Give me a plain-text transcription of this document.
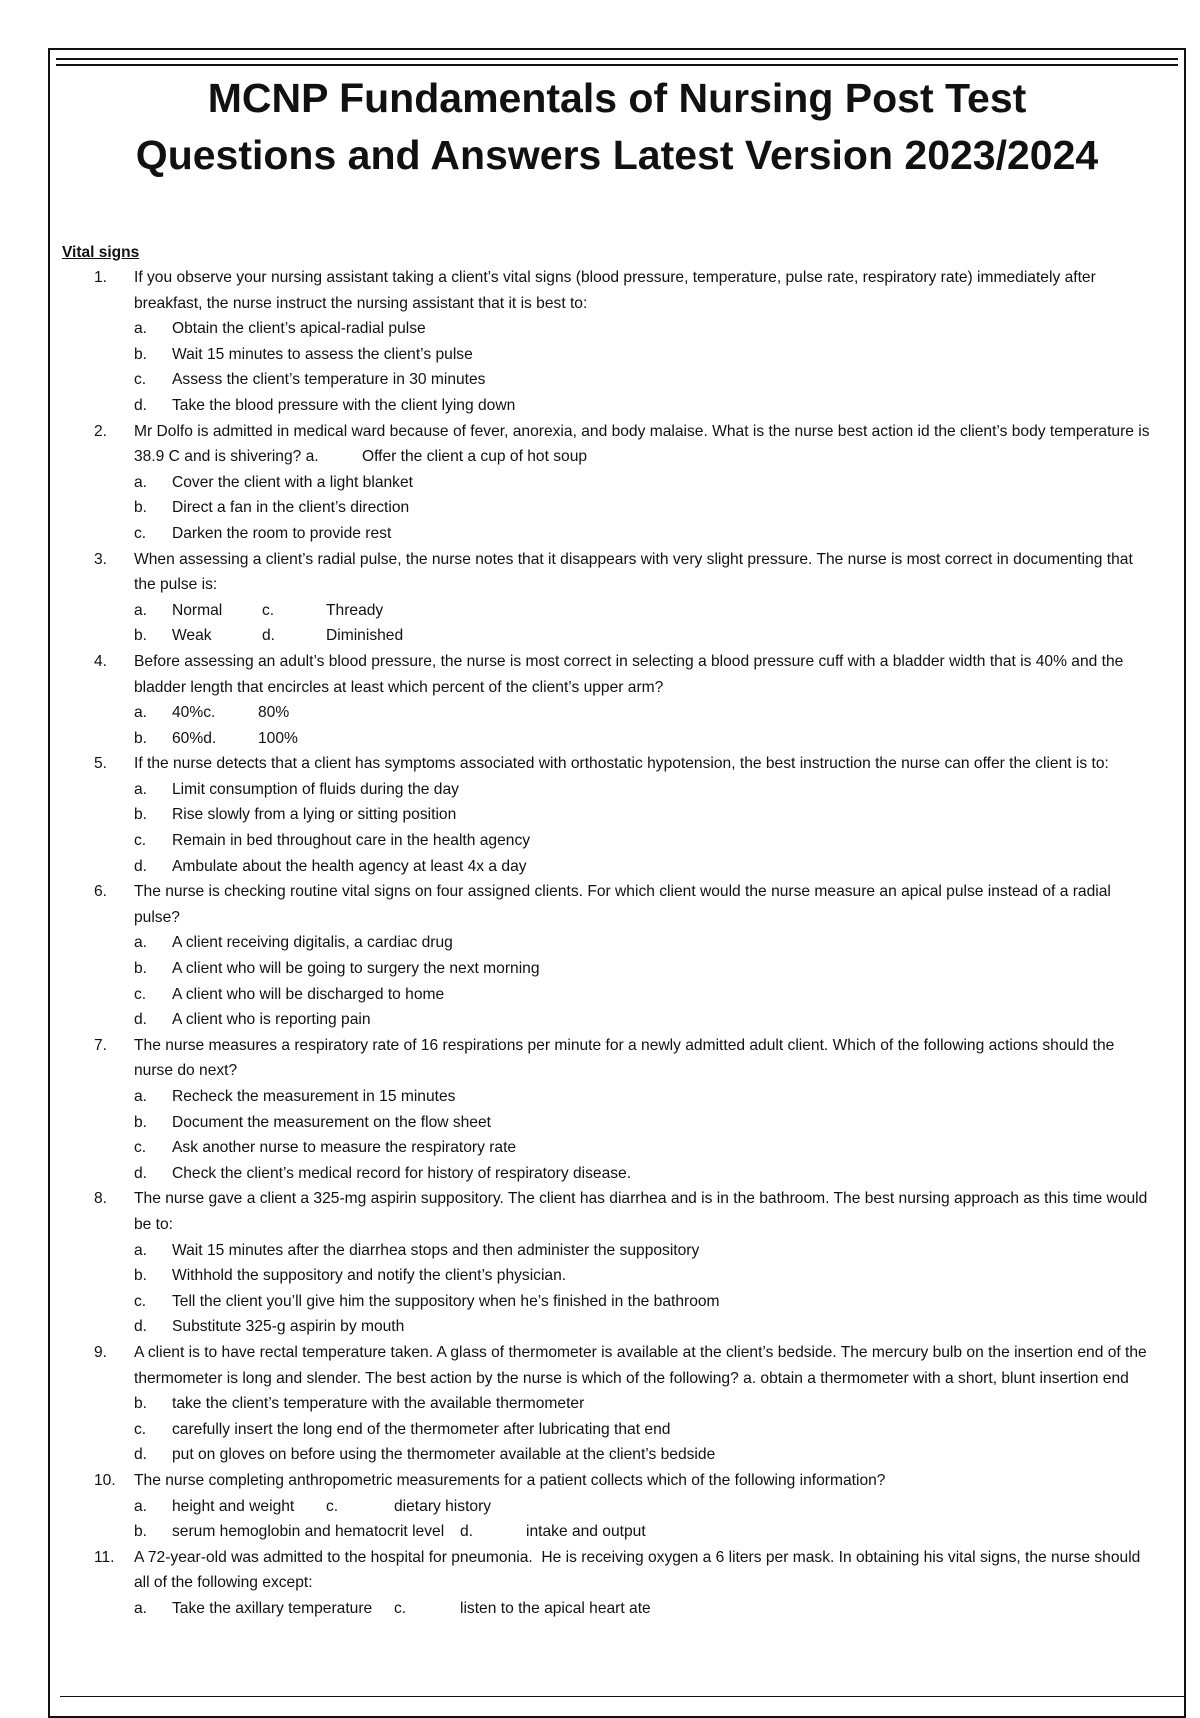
MCNP Fundamentals of Nursing Post Test
Questions and Answers Latest Version 2023/2024

Vital signs

1.	If you observe your nursing assistant taking a client’s vital signs (blood pressure, temperature, pulse rate, respiratory rate) immediately after breakfast, the nurse instruct the nursing assistant that it is best to:
a. Obtain the client’s apical-radial pulse
b. Wait 15 minutes to assess the client’s pulse
c. Assess the client’s temperature in 30 minutes
d. Take the blood pressure with the client lying down
2.	Mr Dolfo is admitted in medical ward because of fever, anorexia, and body malaise. What is the nurse best action id the client’s body temperature is 38.9 C and is shivering? a.          Offer the client a cup of hot soup
a. Cover the client with a light blanket
b. Direct a fan in the client’s direction
c. Darken the room to provide rest
3.	When assessing a client’s radial pulse, the nurse notes that it disappears with very slight pressure. The nurse is most correct in documenting that the pulse is:
a. Normal	c.	Thready
b. Weak	d.	Diminished
4.	Before assessing an adult’s blood pressure, the nurse is most correct in selecting a blood pressure cuff with a bladder width that is 40% and the bladder length that encircles at least which percent of the client’s upper arm?
a. 40%c.	80%
b. 60%d.	100%
5.	If the nurse detects that a client has symptoms associated with orthostatic hypotension, the best instruction the nurse can offer the client is to:
a. Limit consumption of fluids during the day
b. Rise slowly from a lying or sitting position
c. Remain in bed throughout care in the health agency
d. Ambulate about the health agency at least 4x a day
6.	The nurse is checking routine vital signs on four assigned clients. For which client would the nurse measure an apical pulse instead of a radial pulse?
a. A client receiving digitalis, a cardiac drug
b. A client who will be going to surgery the next morning
c. A client who will be discharged to home
d. A client who is reporting pain
7.	The nurse measures a respiratory rate of 16 respirations per minute for a newly admitted adult client. Which of the following actions should the nurse do next?
a. Recheck the measurement in 15 minutes
b. Document the measurement on the flow sheet
c. Ask another nurse to measure the respiratory rate
d. Check the client’s medical record for history of respiratory disease.
8.	The nurse gave a client a 325-mg aspirin suppository. The client has diarrhea and is in the bathroom. The best nursing approach as this time would be to:
a. Wait 15 minutes after the diarrhea stops and then administer the suppository
b. Withhold the suppository and notify the client’s physician.
c. Tell the client you’ll give him the suppository when he’s finished in the bathroom
d. Substitute 325-g aspirin by mouth
9.	A client is to have rectal temperature taken. A glass of thermometer is available at the client’s bedside. The mercury bulb on the insertion end of the thermometer is long and slender. The best action by the nurse is which of the following? a. obtain a thermometer with a short, blunt insertion end
b. take the client’s temperature with the available thermometer
c. carefully insert the long end of the thermometer after lubricating that end
d. put on gloves on before using the thermometer available at the client’s bedside
10.	The nurse completing anthropometric measurements for a patient collects which of the following information?
a. height and weight c.	dietary history
b. serum hemoglobin and hematocrit level d.	intake and output
11.	A 72-year-old was admitted to the hospital for pneumonia.  He is receiving oxygen a 6 liters per mask. In obtaining his vital signs, the nurse should all of the following except:
a. Take the axillary temperature c.	listen to the apical heart ate
